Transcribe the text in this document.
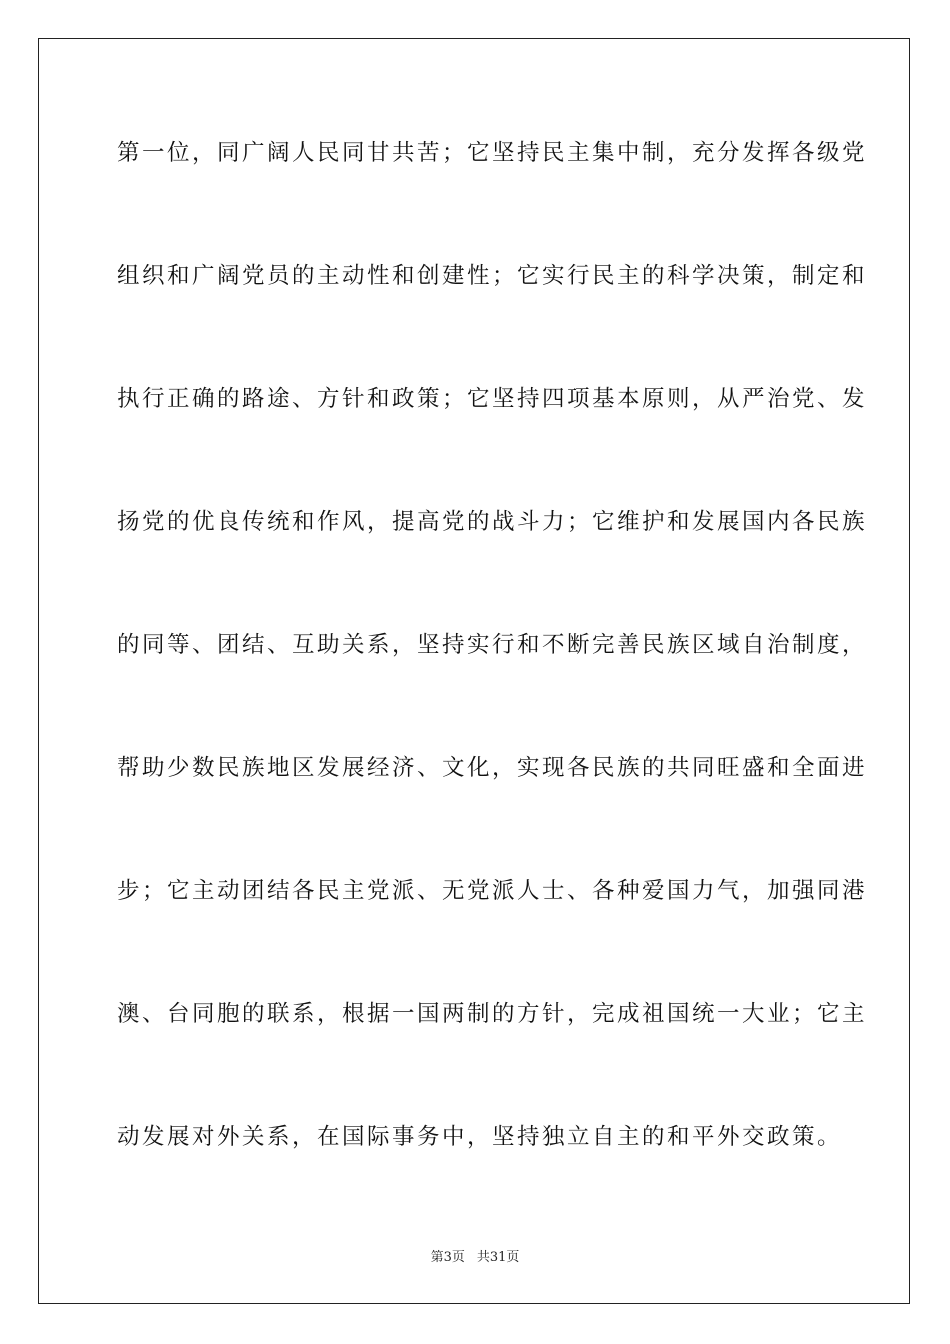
第一位，同广阔人民同甘共苦；它坚持民主集中制，充分发挥各级党
组织和广阔党员的主动性和创建性；它实行民主的科学决策，制定和
执行正确的路途、方针和政策；它坚持四项基本原则，从严治党、发
扬党的优良传统和作风，提高党的战斗力；它维护和发展国内各民族
的同等、团结、互助关系，坚持实行和不断完善民族区域自治制度，
帮助少数民族地区发展经济、文化，实现各民族的共同旺盛和全面进
步；它主动团结各民主党派、无党派人士、各种爱国力气，加强同港
澳、台同胞的联系，根据一国两制的方针，完成祖国统一大业；它主
动发展对外关系，在国际事务中，坚持独立自主的和平外交政策。
第3页 共31页
